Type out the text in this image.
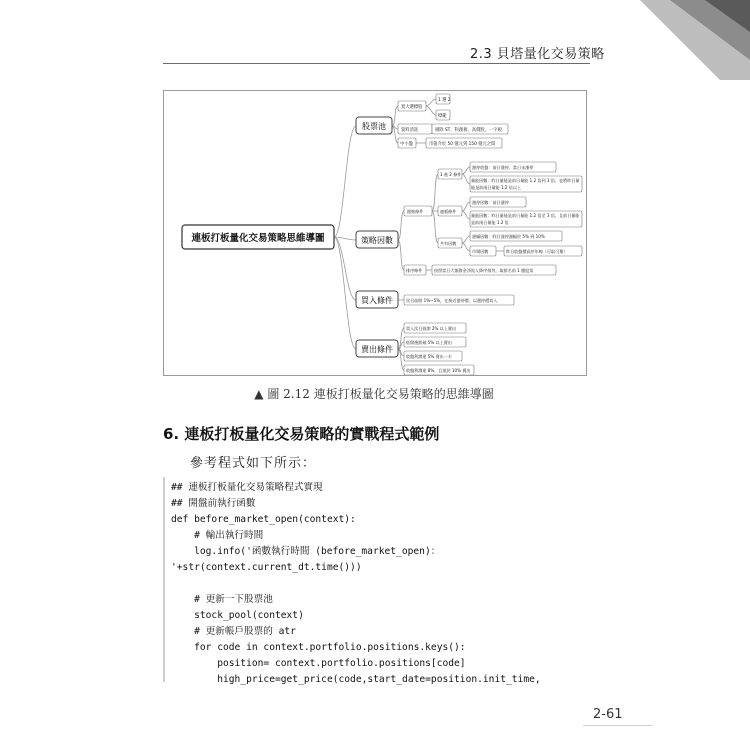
2.3 貝塔量化交易策略
連板打板量化交易策略思維導圖
股票池
策略因數
買入條件
賣出條件
寬大選標股
1 選 2
標範
資料清洗	剔除 ST、科創板、高價股、一字板
中小盤	市值介於 50 億元到 150 億元之間
跟進條件
1 進 2 條件
漲停收盤：前日漲停，當日未漲停
量能因數：昨日量能是前日量能 1.2 倍到 3 倍，並將昨日量能是前兩日量能 1.2 倍以上
連板條件
漲停因數：前日漲停
量能因數：昨日量能是前日量能 1.2 倍至 3 倍，且前日量能是前兩日量能 1.2 倍
共有因數
漲幅因數：昨日漲停漲幅於 5% 到 10%
市場因數	昨日收盤價高於年線（可取可棄）
排序條件	按照當日大額資金淨流入降序排列，取排名前 1 檔股票
次日高開 1%~5%，在接近漲停價，以漲停價買入
買入次日低開 2% 以上賣出
低開後跌破 5% 以上賣出
收盤利潤達 5% 賣出一半
收盤利潤達 8%，且低於 10% 賣出
▲ 圖 2.12 連板打板量化交易策略的思維導圖
6. 連板打板量化交易策略的實戰程式範例
參考程式如下所示：
## 連板打板量化交易策略程式實現
## 開盤前執行函數
def before_market_open(context):
# 輸出執行時間
log.info('函數執行時間 (before_market_open)：
'+str(context.current_dt.time()))
# 更新一下股票池
stock_pool(context)
# 更新帳戶股票的 atr
for code in context.portfolio.positions.keys():
position= context.portfolio.positions[code]
high_price=get_price(code,start_date=position.init_time,
2-61
